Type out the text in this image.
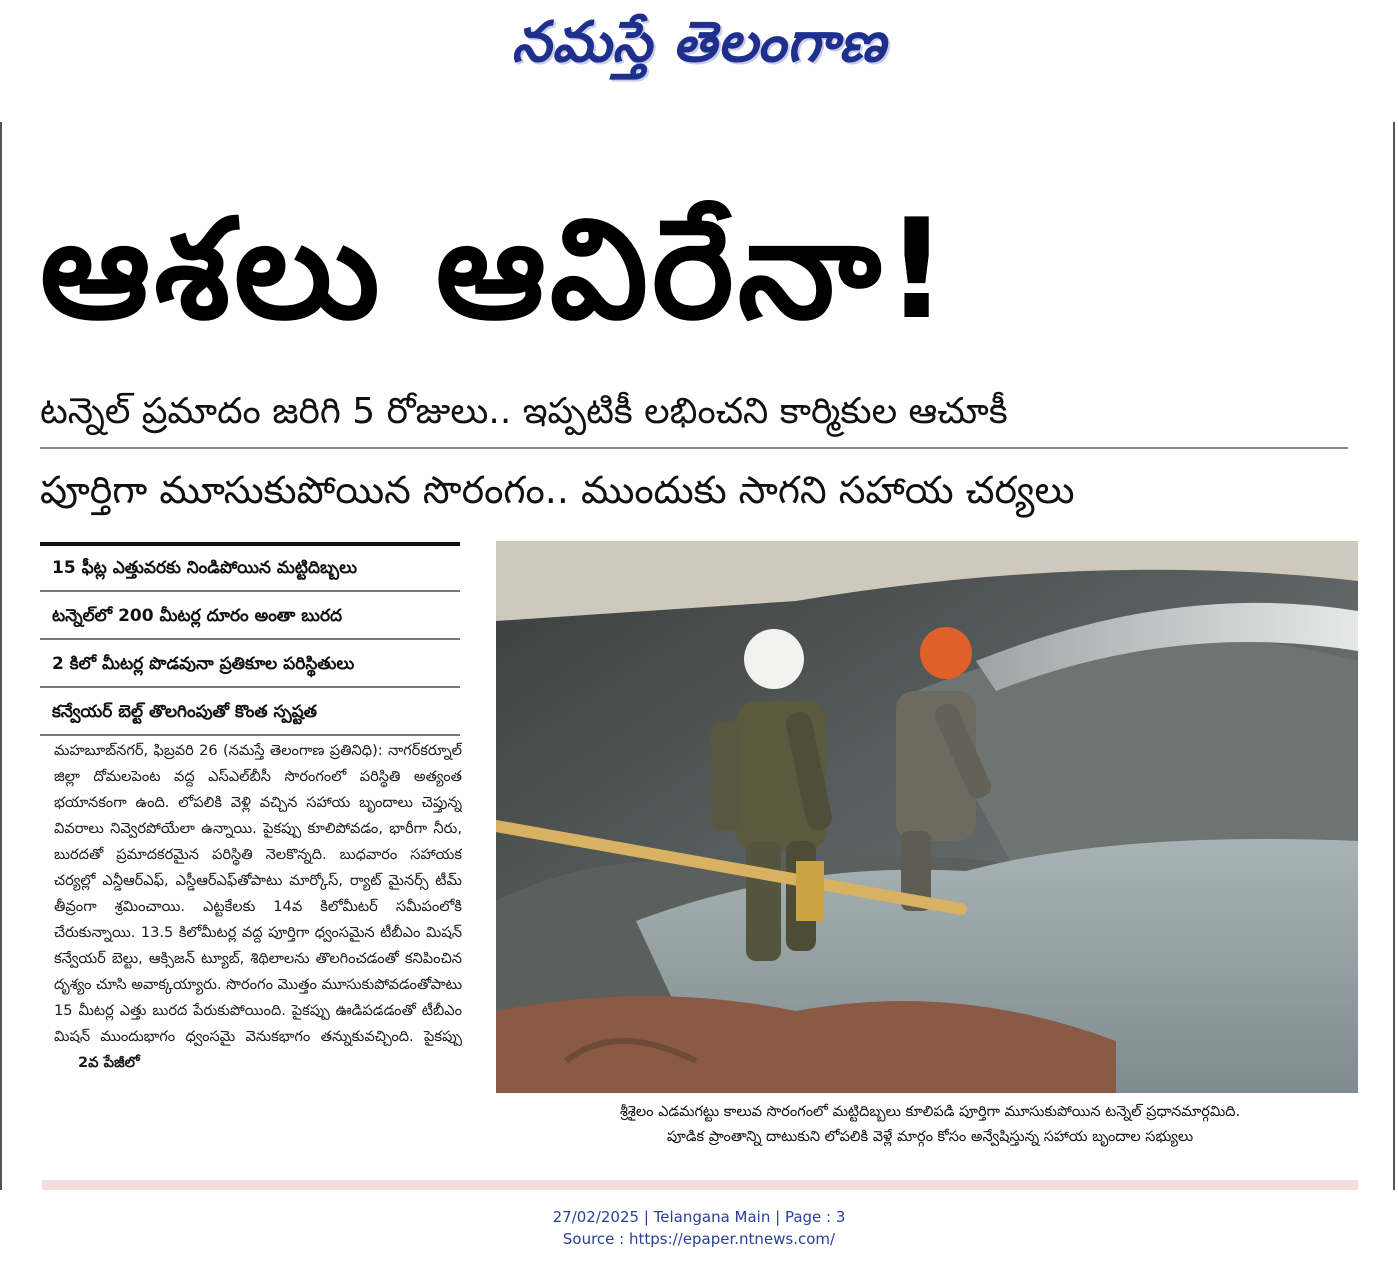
నమస్తే తెలంగాణ
ఆశలు ఆవిరేనా!
టన్నెల్ ప్రమాదం జరిగి 5 రోజులు.. ఇప్పటికీ లభించని కార్మికుల ఆచూకీ
పూర్తిగా మూసుకుపోయిన సొరంగం.. ముందుకు సాగని సహాయ చర్యలు
15 ఫీట్ల ఎత్తువరకు నిండిపోయిన మట్టిదిబ్బలు
టన్నెల్‌లో 200 మీటర్ల దూరం అంతా బురద
2 కిలో మీటర్ల పొడవునా ప్రతికూల పరిస్థితులు
కన్వేయర్ బెల్ట్ తొలగింపుతో కొంత స్పష్టత
మహబూబ్‌నగర్, ఫిబ్రవరి 26 (నమస్తే తెలంగాణ ప్రతినిధి): నాగర్‌కర్నూల్ జిల్లా దోమలపెంట వద్ద ఎస్‌ఎల్‌బీసీ సొరంగంలో పరిస్థితి అత్యంత భయానకంగా ఉంది. లోపలికి వెళ్లి వచ్చిన సహాయ బృందాలు చెప్తున్న వివరాలు నివ్వెరపోయేలా ఉన్నాయి. పైకప్పు కూలిపోవడం, భారీగా నీరు, బురదతో ప్రమాదకరమైన పరిస్థితి నెలకొన్నది. బుధవారం సహాయక చర్యల్లో ఎన్డీఆర్‌ఎఫ్, ఎస్డీఆర్‌ఎఫ్‌తోపాటు మార్కోస్, ర్యాట్ మైనర్స్ టీమ్ తీవ్రంగా శ్రమించాయి. ఎట్టకేలకు 14వ కిలోమీటర్ సమీపంలోకి చేరుకున్నాయి. 13.5 కిలోమీటర్ల వద్ద పూర్తిగా ధ్వంసమైన టీబీఎం మిషన్ కన్వేయర్ బెల్టు, ఆక్సిజన్ ట్యూబ్, శిథిలాలను తొలగించడంతో కనిపించిన దృశ్యం చూసి అవాక్కయ్యారు. సొరంగం మొత్తం మూసుకుపోవడంతోపాటు 15 మీటర్ల ఎత్తు బురద పేరుకుపోయింది. పైకప్పు ఊడిపడడంతో టీబీఎం మిషన్ ముందుభాగం ధ్వంసమై వెనుకభాగం తన్నుకువచ్చింది. పైకప్పు 2వ పేజీలో
శ్రీశైలం ఎడమగట్టు కాలువ సొరంగంలో మట్టిదిబ్బలు కూలిపడి పూర్తిగా మూసుకుపోయిన టన్నెల్ ప్రధానమార్గమిది.
పూడిక ప్రాంతాన్ని దాటుకుని లోపలికి వెళ్లే మార్గం కోసం అన్వేషిస్తున్న సహాయ బృందాల సభ్యులు
27/02/2025 | Telangana Main | Page : 3
Source : https://epaper.ntnews.com/
